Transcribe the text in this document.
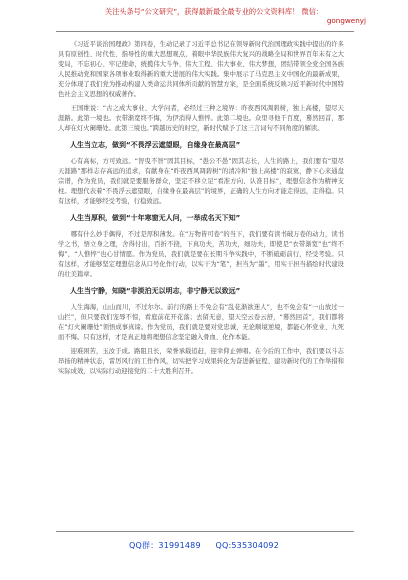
关注头条号“公文研究”，获得最新最全最专业的公文资料库！ 微信：
gongwenyj

《习近平谈治国理政》第四卷，生动记录了习近平总书记在领导新时代治国理政实践中提出的许多具有原创性、时代性、指导性的重大思想观点，着眼中华民族伟大复兴的战略全局和世界百年未有之大变局，不忘初心、牢记使命，统揽伟大斗争、伟大工程、伟大事业、伟大梦想，团结带领全党全国各族人民推动党和国家各项事业取得新的重大进展的伟大实践。集中展示了马克思主义中国化的最新成果，充分体现了我们党为推动构建人类命运共同体所贡献的智慧方案，是全面系统反映习近平新时代中国特色社会主义思想的权威著作。

王国维说：“古之成大事业、大学问者，必经过三种之境界：昨夜西风凋碧树，独上高楼，望尽天涯路。此第一境也。衣带渐宽终不悔，为伊消得人憔悴。此第二境也。众里寻他千百度，蓦然回首，那人却在灯火阑珊处。此第三境也。”跨越历史的时空，新时代赋予了这三言词句不同角度的解读。

人生当立志，做到“不畏浮云遮望眼，自缘身在最高层”

心有高标，方可致远。“智曳不智”固其目标，“愚公不愚”固其志长，人生的路上，我们要有“望尽天涯路”那样志存高远的追求，有献身在“昨夜西风凋碧树”的清冷和“独上高楼”的寂寞，静下心来通盘宗谱，作为党员，我们就是要服务群众，坚定不移立足“看准方向、认准目标”，理想信念作为精神支柱。理想代表着“不畏浮云遮望眼，自缘身在最高层”的境界，正确的人生方向才能走得远，走得稳。只有这样，才能够经受考验，行稳致远。

人生当厚积，做到“十年寒窗无人问，一举成名天下知”

哪有什么妙手偶得，不过是厚积薄发。在“万物皆可卷”的当下，我们要有读书破万卷的动力，读书学之书，悟立身之理，舍得付出，百折不挠，下真功夫，苦功夫，细功夫，即使是“衣带渐宽”也“终不悔”，“人憔悴”也心甘情愿。作为党员，我们就是要在长期斗争实践中，不断砥砺前行，经受考验。只有这样，才能够坚定理想信念从口号化作行动，以实干为“笔”，担当为“墨”，用实干担当描绘时代建设的壮美篇章。

人生当宁静，知晓“非淡泊无以明志，非宁静无以致远”

人生海海，山山而川，不过尔尔。前行的路上不免会有“乱花渐欲迷人”，也不免会有“一山放过一山拦”，但只要我们宠辱不惊，看庭前花开花落；去留无意，望天空云卷云舒，“蓦然回首”，我们都将在“灯火阑珊处”领悟成事真谛。作为党员，我们就是要对党忠诚，无论顺境逆境，都能心怀党业、九死而不悔。只有这样，才是真正地将理想信念坚定融入骨血、化作本能。

迎难困苦，玉汝于成。路阻且长，荣誉承载追赶，迎幸仰止弹唱。在今后的工作中，我们要以斗志昂扬的精神状态，雷厉风行的工作作风，切实把学习成果转化为奋进新征程、建功新时代的工作举措和实际成效，以实际行动迎接党的二十大胜利召开。

QQ群：31991489 QQ:535304092
